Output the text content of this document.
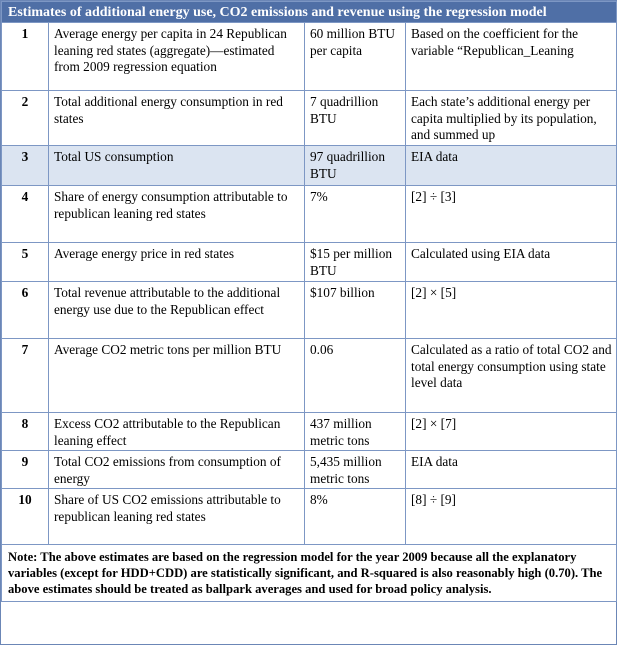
Estimates of additional energy use, CO2 emissions and revenue using the regression model			
1	Average energy per capita in 24 Republican leaning red states (aggregate)—estimated from 2009 regression equation	60 million BTU per capita	Based on the coefficient for the variable “Republican_Leaning
2	Total additional energy consumption in red states	7 quadrillion BTU	Each state’s additional energy per capita multiplied by its population, and summed up
3	Total US consumption	97 quadrillion BTU	EIA data
4	Share of energy consumption attributable to republican leaning red states	7%	[2] ÷ [3]
5	Average energy price in red states	$15 per million BTU	Calculated using EIA data
6	Total revenue attributable to the additional energy use due to the Republican effect	$107 billion	[2] × [5]
7	Average CO2 metric tons per million BTU	0.06	Calculated as a ratio of total CO2 and total energy consumption using state level data
8	Excess CO2 attributable to the Republican leaning effect	437 million metric tons	[2] × [7]
9	Total CO2 emissions from consumption of energy	5,435 million metric tons	EIA data
10	Share of US CO2 emissions attributable to republican leaning red states	8%	[8] ÷ [9]
Note: The above estimates are based on the regression model for the year 2009 because all the explanatory variables (except for HDD+CDD) are statistically significant, and R-squared is also reasonably high (0.70). The above estimates should be treated as ballpark averages and used for broad policy analysis.			
